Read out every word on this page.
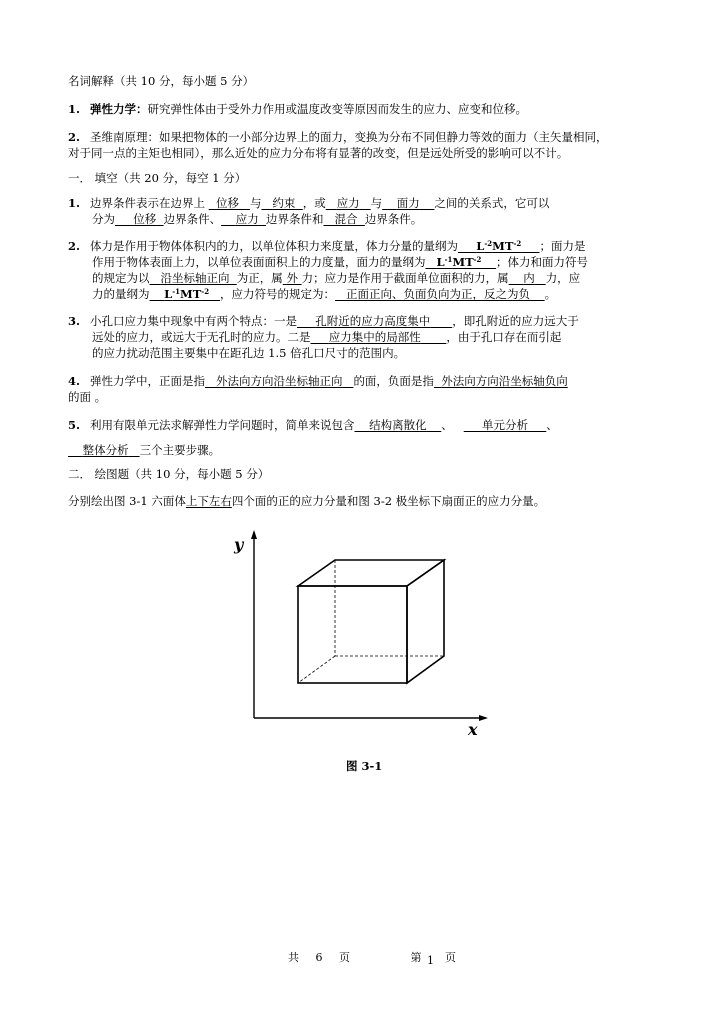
名词解释（共 10 分，每小题 5 分）
1. 弹性力学：研究弹性体由于受外力作用或温度改变等原因而发生的应力、应变和位移。
2. 圣维南原理：如果把物体的一小部分边界上的面力，变换为分布不同但静力等效的面力（主矢量相同，
对于同一点的主矩也相同），那么近处的应力分布将有显著的改变，但是远处所受的影响可以不计。
一． 填空（共 20 分，每空 1 分）
1. 边界条件表示在边界上 位移 与 约束 ，或 应力 与 面力 之间的关系式，它可以
分为 位移 边界条件、 应力 边界条件和 混合 边界条件。
2. 体力是作用于物体体积内的力，以单位体积力来度量，体力分量的量纲为 $L^{-2}MT^{-2}$ ；面力是
作用于物体表面上力，以单位表面面积上的力度量，面力的量纲为 $L^{-1}MT^{-2}$ ；体力和面力符号
的规定为以 沿坐标轴正向 为正，属 外 力；应力是作用于截面单位面积的力，属 内 力，应
力的量纲为 $L^{-1}MT^{-2}$ ，应力符号的规定为： 正面正向、负面负向为正，反之为负 。
3. 小孔口应力集中现象中有两个特点：一是 孔附近的应力高度集中 ，即孔附近的应力远大于
远处的应力，或远大于无孔时的应力。二是 应力集中的局部性 ，由于孔口存在而引起
的应力扰动范围主要集中在距孔边 1.5 倍孔口尺寸的范围内。
4. 弹性力学中，正面是指 外法向方向沿坐标轴正向 的面，负面是指 外法向方向沿坐标轴负向
的面 。
5. 利用有限单元法求解弹性力学问题时，简单来说包含 结构离散化 、	单元分析 、
整体分析 三个主要步骤。
二． 绘图题（共 10 分，每小题 5 分）
分别绘出图 3-1 六面体上下左右四个面的正的应力分量和图 3-2 极坐标下扇面正的应力分量。
y
x
图 3-1
共 6 页	第 1 页
